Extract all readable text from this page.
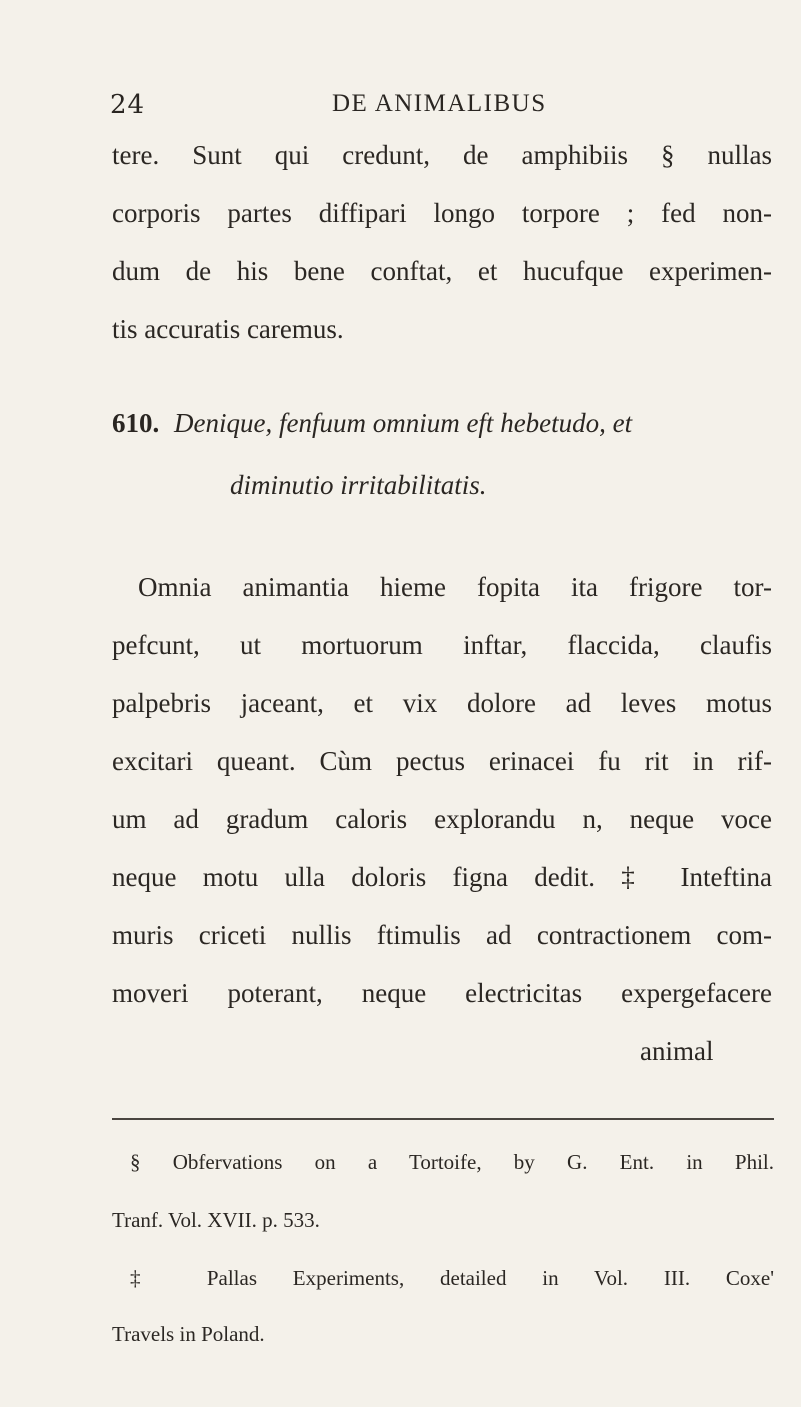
24	DE ANIMALIBUS
tere. Sunt qui credunt, de amphibiis § nullas
corporis partes diffipari longo torpore ; fed non-
dum de his bene conftat, et hucufque experimen-
tis accuratis caremus.
610. Denique, fenfuum omnium eft hebetudo, et
diminutio irritabilitatis.
Omnia animantia hieme fopita ita frigore tor-
pefcunt, ut mortuorum inftar, flaccida, claufis
palpebris jaceant, et vix dolore ad leves motus
excitari queant. Cùm pectus erinacei fu rit in rif-
um ad gradum caloris explorandu n, neque voce
neque motu ulla doloris figna dedit. ‡ Inteftina
muris criceti nullis ftimulis ad contractionem com-
moveri poterant, neque electricitas expergefacere
animal
§ Obfervations on a Tortoife, by G. Ent. in Phil.
Tranf. Vol. XVII. p. 533.
‡ Pallas Experiments, detailed in Vol. III. Coxe'
Travels in Poland.
